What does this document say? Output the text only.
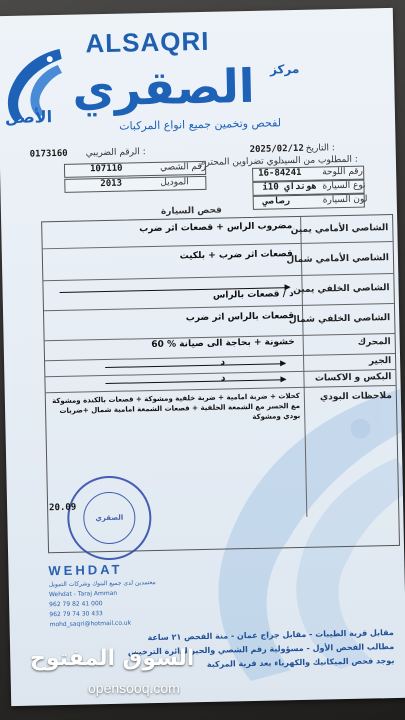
ALSAQRI
مركز
الصقري
الأصل	لفحص وتخمين جميع انواع المركبات
التاريخ :
2025/02/12
الرقم الضريبي :
0173160
المطلوب من السيد :
لوي تضراوين المحترم
رقم اللوحة
16-84241
رقم الشصي
107110
نوع السيارة
i10 هونداي
الموديل
2013
لون السيارة
رصاصي
فحص السيارة
الشاصي الأمامي يمين
مضروب الراس + قصعات اثر ضرب
الشاصي الأمامي شمال
قصعات اثر ضرب + بلكيت
الشاصي الخلفي يمين
د / قصعات بالراس
الشاصي الخلفي شمال
قصعات بالراس اثر ضرب
المحرك
60 % خشونة + بحاجة الى صيانة
الجير
د
البكس و الاكسات
د
ملاحظات البودي
كحلات + ضربة امامية + ضربة خلفية ومشوكة + قصعات بالكندة ومشوكة مع الجسر مع الشمعة الخلفية + قصعات الشمعة امامية شمال +ضربات بودي ومشوكة
الصقري
20.09
WEHDAT
معتمدين لدى جميع البنوك وشركات التمويل
Wehdat - Taraj Amman
962 79 82 41 000
962 79 74 30 433
mohd_saqri@hotmail.co.uk
مقابل قرية الطيبات - مقابل جراج عمان - منة الفحص ٢١ ساعة
مطالب الفحص الأول - مسؤولية رقم الشصي والحبر لدائرة الترخيص
يوجد فحص الميكانيك والكهرباء بعد قرية المركبة
السوق المفتوح
opensooq.com
